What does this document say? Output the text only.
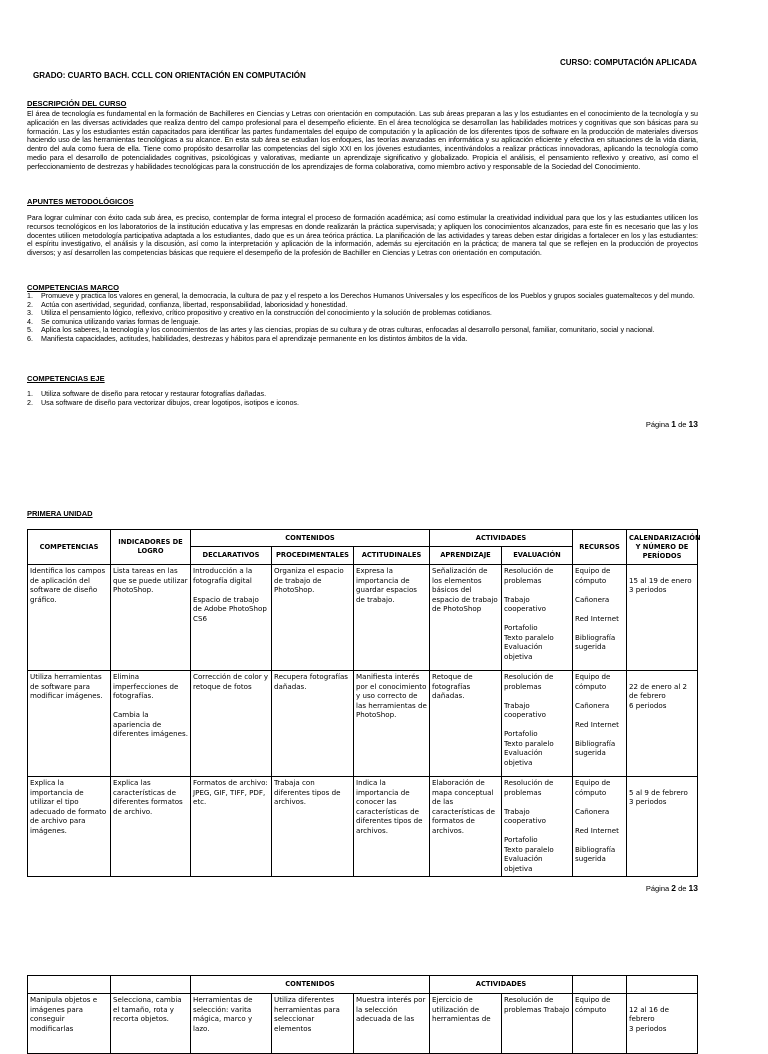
CURSO: COMPUTACIÓN APLICADA
GRADO: CUARTO BACH. CCLL CON ORIENTACIÓN EN COMPUTACIÓN
DESCRIPCIÓN DEL CURSO

El área de tecnología es fundamental en la formación de Bachilleres en Ciencias y Letras con orientación en computación. Las sub áreas preparan a las y los estudiantes en el conocimiento de la tecnología y su aplicación en las diversas actividades que realiza dentro del campo profesional para el desempeño eficiente. En el área tecnológica se desarrollan las habilidades motrices y cognitivas que son básicas para su formación. Las y los estudiantes están capacitados para identificar las partes fundamentales del equipo de computación y la aplicación de los diferentes tipos de software en la producción de materiales diversos haciendo uso de las herramientas tecnológicas a su alcance. En esta sub área se estudian los enfoques, las teorías avanzadas en informática y su aplicación eficiente y efectiva en situaciones de la vida diaria, dentro del aula como fuera de ella. Tiene como propósito desarrollar las competencias del siglo XXI en los jóvenes estudiantes, incentivándolos a realizar prácticas innovadoras, aplicando la tecnología como medio para el desarrollo de potencialidades cognitivas, psicológicas y valorativas, mediante un aprendizaje significativo y globalizado. Propicia el análisis, el pensamiento reflexivo y creativo, así como el perfeccionamiento de destrezas y habilidades tecnológicas para la construcción de los aprendizajes de forma colaborativa, como miembro activo y responsable de la Sociedad del Conocimiento.

APUNTES METODOLÓGICOS

Para lograr culminar con éxito cada sub área, es preciso, contemplar de forma integral el proceso de formación académica; así como estimular la creatividad individual para que los y las estudiantes utilicen los recursos tecnológicos en los laboratorios de la institución educativa y las empresas en donde realizarán la práctica supervisada; y apliquen los conocimientos alcanzados, para este fin es necesario que las y los docentes utilicen metodología participativa adaptada a los estudiantes, dado que es un área teórica práctica. La planificación de las actividades y tareas deben estar dirigidas a fortalecer en los y las estudiantes: el espíritu investigativo, el análisis y la discusión, así como la interpretación y aplicación de la información, además su ejercitación en la práctica; de manera tal que se reflejen en la producción de proyectos diversos; y así desarrollen las competencias básicas que requiere el desempeño de la profesión de Bachiller en Ciencias y Letras con orientación en computación.

COMPETENCIAS MARCO
1. Promueve y practica los valores en general, la democracia, la cultura de paz y el respeto a los Derechos Humanos Universales y los específicos de los Pueblos y grupos sociales guatemaltecos y del mundo.
2. Actúa con asertividad, seguridad, confianza, libertad, responsabilidad, laboriosidad y honestidad.
3. Utiliza el pensamiento lógico, reflexivo, crítico propositivo y creativo en la construcción del conocimiento y la solución de problemas cotidianos.
4. Se comunica utilizando varias formas de lenguaje.
5. Aplica los saberes, la tecnología y los conocimientos de las artes y las ciencias, propias de su cultura y de otras culturas, enfocadas al desarrollo personal, familiar, comunitario, social y nacional.
6. Manifiesta capacidades, actitudes, habilidades, destrezas y hábitos para el aprendizaje permanente en los distintos ámbitos de la vida.
COMPETENCIAS EJE
1. Utiliza software de diseño para retocar y restaurar fotografías dañadas.
2. Usa software de diseño para vectorizar dibujos, crear logotipos, isotipos e iconos.
Página 1 de 13
PRIMERA UNIDAD
COMPETENCIAS	INDICADORES DE LOGRO	CONTENIDOS			ACTIVIDADES		RECURSOS	CALENDARIZACIÓN Y NÚMERO DE PERÍODOS
		DECLARATIVOS	PROCEDIMENTALES	ACTITUDINALES	APRENDIZAJE	EVALUACIÓN		
Identifica los campos de aplicación del software de diseño gráfico.	Lista tareas en las que se puede utilizar PhotoShop.	Introducción a la fotografía digital
Espacio de trabajo de Adobe PhotoShop CS6	Organiza el espacio de trabajo de PhotoShop.	Expresa la importancia de guardar espacios de trabajo.	Señalización de los elementos básicos del espacio de trabajo de PhotoShop	Resolución de problemas
Trabajo cooperativo
Portafolio
Texto paralelo
Evaluación objetiva	Equipo de cómputo
Cañonera
Red Internet
Bibliografía sugerida	15 al 19 de enero
3 periodos

Utiliza herramientas de software para modificar imágenes.	Elimina imperfecciones de fotografías.
Cambia la apariencia de diferentes imágenes.	Corrección de color y retoque de fotos	Recupera fotografías dañadas.	Manifiesta interés por el conocimiento y uso correcto de las herramientas de PhotoShop.	Retoque de fotografías dañadas.	Resolución de problemas
Trabajo cooperativo
Portafolio
Texto paralelo
Evaluación objetiva	Equipo de cómputo
Cañonera
Red Internet
Bibliografía sugerida	22 de enero al 2 de febrero
6 periodos

Explica la importancia de utilizar el tipo adecuado de formato de archivo para imágenes.	Explica las características de diferentes formatos de archivo.	Formatos de archivo: JPEG, GIF, TIFF, PDF, etc.	Trabaja con diferentes tipos de archivos.	Indica la importancia de conocer las características de diferentes tipos de archivos.	Elaboración de mapa conceptual de las características de formatos de archivos.	Resolución de problemas
Trabajo cooperativo
Portafolio
Texto paralelo
Evaluación objetiva	Equipo de cómputo
Cañonera
Red Internet
Bibliografía sugerida	5 al 9 de febrero
3 periodos
Página 2 de 13
		CONTENIDOS			ACTIVIDADES			
Manipula objetos e imágenes para conseguir modificarlas	Selecciona, cambia el tamaño, rota y recorta objetos.	Herramientas de selección: varita mágica, marco y lazo.	Utiliza diferentes herramientas para seleccionar elementos	Muestra interés por la selección adecuada de las	Ejercicio de utilización de herramientas de	Resolución de problemas Trabajo	Equipo de cómputo	12 al 16 de febrero
3 periodos
